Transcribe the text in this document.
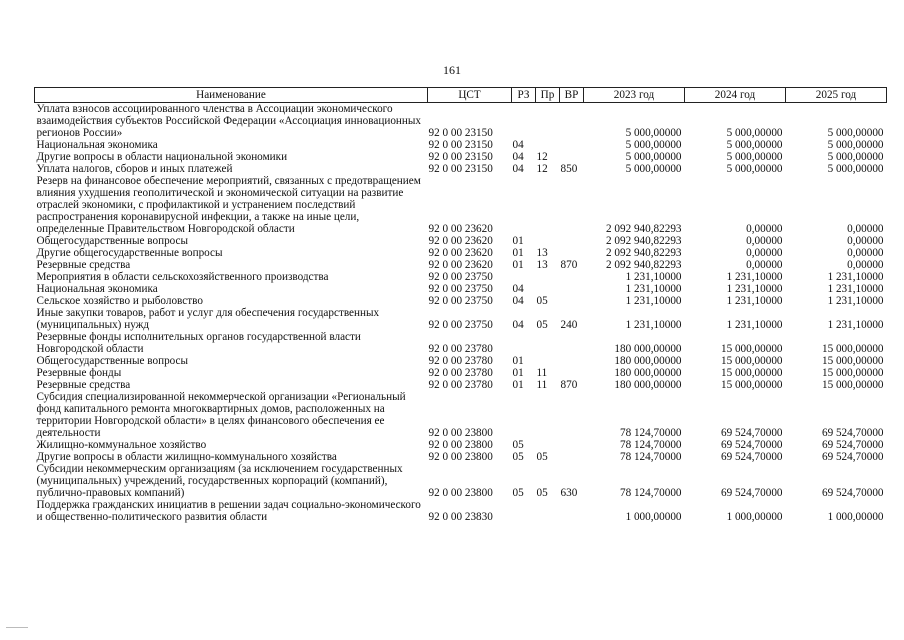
161
Наименование	ЦСТ	РЗ	Пр	ВР	2023 год	2024 год	2025 год
Уплата взносов ассоциированного членства в Ассоциации экономического взаимодействия субъектов Российской Федерации «Ассоциация инновационных регионов России»	92 0 00 23150				5 000,00000	5 000,00000	5 000,00000
Национальная экономика	92 0 00 23150	04			5 000,00000	5 000,00000	5 000,00000
Другие вопросы в области национальной экономики	92 0 00 23150	04	12		5 000,00000	5 000,00000	5 000,00000
Уплата налогов, сборов и иных платежей	92 0 00 23150	04	12	850	5 000,00000	5 000,00000	5 000,00000
Резерв на финансовое обеспечение мероприятий, связанных с предотвращением влияния ухудшения геополитической и экономической ситуации на развитие отраслей экономики, с профилактикой и устранением последствий распространения коронавирусной инфекции, а также на иные цели, определенные Правительством Новгородской области	92 0 00 23620				2 092 940,82293	0,00000	0,00000
Общегосударственные вопросы	92 0 00 23620	01			2 092 940,82293	0,00000	0,00000
Другие общегосударственные вопросы	92 0 00 23620	01	13		2 092 940,82293	0,00000	0,00000
Резервные средства	92 0 00 23620	01	13	870	2 092 940,82293	0,00000	0,00000
Мероприятия в области сельскохозяйственного производства	92 0 00 23750				1 231,10000	1 231,10000	1 231,10000
Национальная экономика	92 0 00 23750	04			1 231,10000	1 231,10000	1 231,10000
Сельское хозяйство и рыболовство	92 0 00 23750	04	05		1 231,10000	1 231,10000	1 231,10000
Иные закупки товаров, работ и услуг для обеспечения государственных (муниципальных) нужд	92 0 00 23750	04	05	240	1 231,10000	1 231,10000	1 231,10000
Резервные фонды исполнительных органов государственной власти Новгородской области	92 0 00 23780				180 000,00000	15 000,00000	15 000,00000
Общегосударственные вопросы	92 0 00 23780	01			180 000,00000	15 000,00000	15 000,00000
Резервные фонды	92 0 00 23780	01	11		180 000,00000	15 000,00000	15 000,00000
Резервные средства	92 0 00 23780	01	11	870	180 000,00000	15 000,00000	15 000,00000
Субсидия специализированной некоммерческой организации «Региональный фонд капитального ремонта многоквартирных домов, расположенных на территории Новгородской области» в целях финансового обеспечения ее деятельности	92 0 00 23800				78 124,70000	69 524,70000	69 524,70000
Жилищно-коммунальное хозяйство	92 0 00 23800	05			78 124,70000	69 524,70000	69 524,70000
Другие вопросы в области жилищно-коммунального хозяйства	92 0 00 23800	05	05		78 124,70000	69 524,70000	69 524,70000
Субсидии некоммерческим организациям (за исключением государственных (муниципальных) учреждений, государственных корпораций (компаний), публично-правовых компаний)	92 0 00 23800	05	05	630	78 124,70000	69 524,70000	69 524,70000
Поддержка гражданских инициатив в решении задач социально-экономического и общественно-политического развития области	92 0 00 23830				1 000,00000	1 000,00000	1 000,00000
